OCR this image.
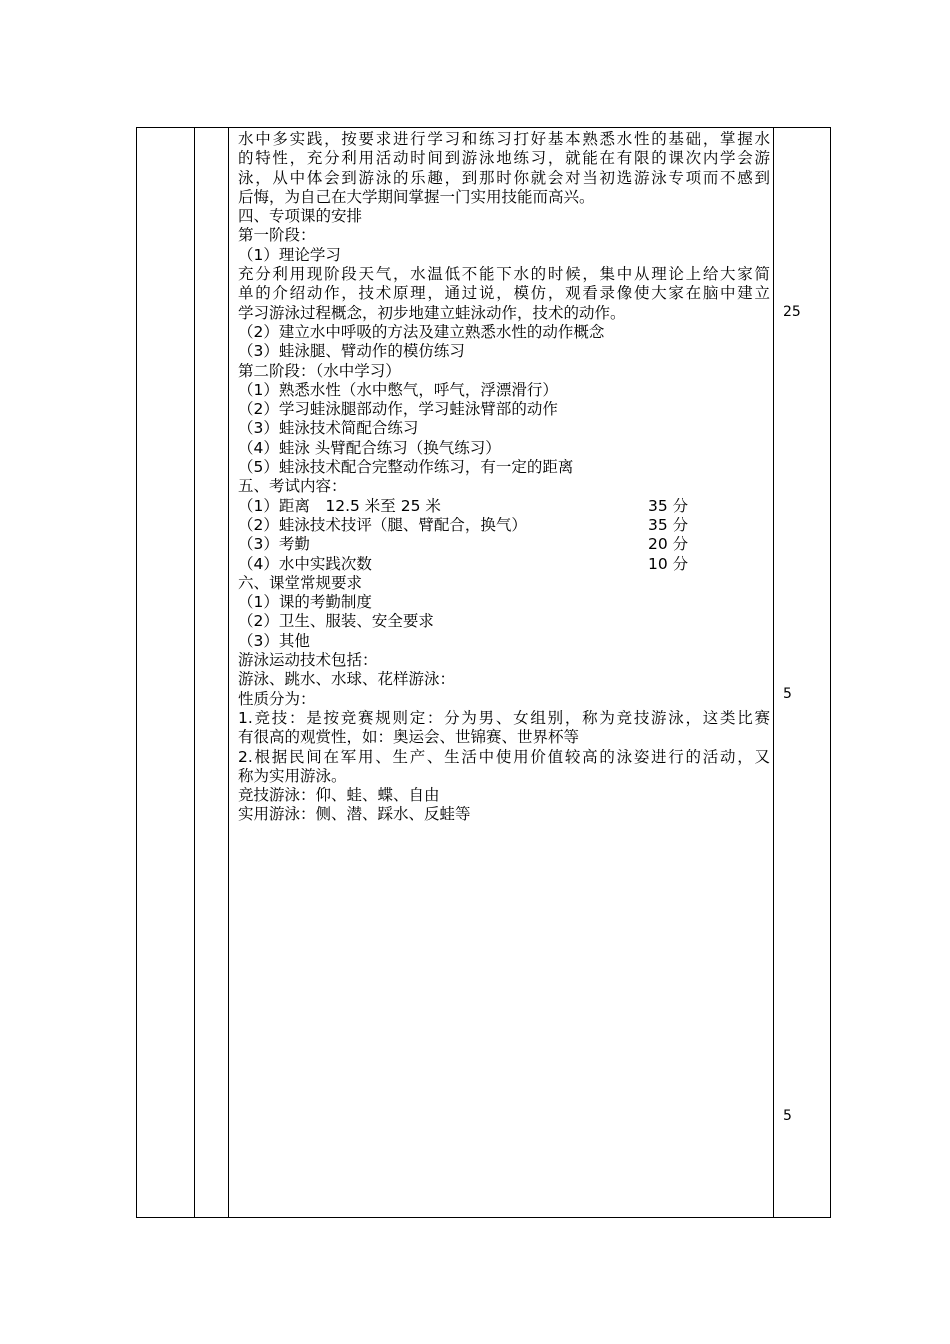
水中多实践，按要求进行学习和练习打好基本熟悉水性的基础，掌握水
的特性，充分利用活动时间到游泳地练习，就能在有限的课次内学会游
泳，从中体会到游泳的乐趣，到那时你就会对当初选游泳专项而不感到
后悔，为自己在大学期间掌握一门实用技能而高兴。
四、专项课的安排
第一阶段：
（1）理论学习
充分利用现阶段天气，水温低不能下水的时候，集中从理论上给大家简
单的介绍动作，技术原理，通过说，模仿，观看录像使大家在脑中建立
学习游泳过程概念，初步地建立蛙泳动作，技术的动作。
（2）建立水中呼吸的方法及建立熟悉水性的动作概念
（3）蛙泳腿、臂动作的模仿练习
第二阶段：（水中学习）
（1）熟悉水性（水中憋气，呼气，浮漂滑行）
（2）学习蛙泳腿部动作，学习蛙泳臂部的动作
（3）蛙泳技术简配合练习
（4）蛙泳 头臂配合练习（换气练习）
（5）蛙泳技术配合完整动作练习，有一定的距离
五、考试内容：
（1）距离　12.5 米至 25 米	35 分
（2）蛙泳技术技评（腿、臂配合，换气）	35 分
（3）考勤	20 分
（4）水中实践次数	10 分
六、课堂常规要求
（1）课的考勤制度
（2）卫生、服装、安全要求
（3）其他
游泳运动技术包括：
游泳、跳水、水球、花样游泳：
性质分为：
1.竞技：是按竞赛规则定：分为男、女组别，称为竞技游泳，这类比赛
有很高的观赏性，如：奥运会、世锦赛、世界杯等
2.根据民间在军用、生产、生活中使用价值较高的泳姿进行的活动，又
称为实用游泳。
竞技游泳：仰、蛙、蝶、自由
实用游泳：侧、潜、踩水、反蛙等
25
5
5
